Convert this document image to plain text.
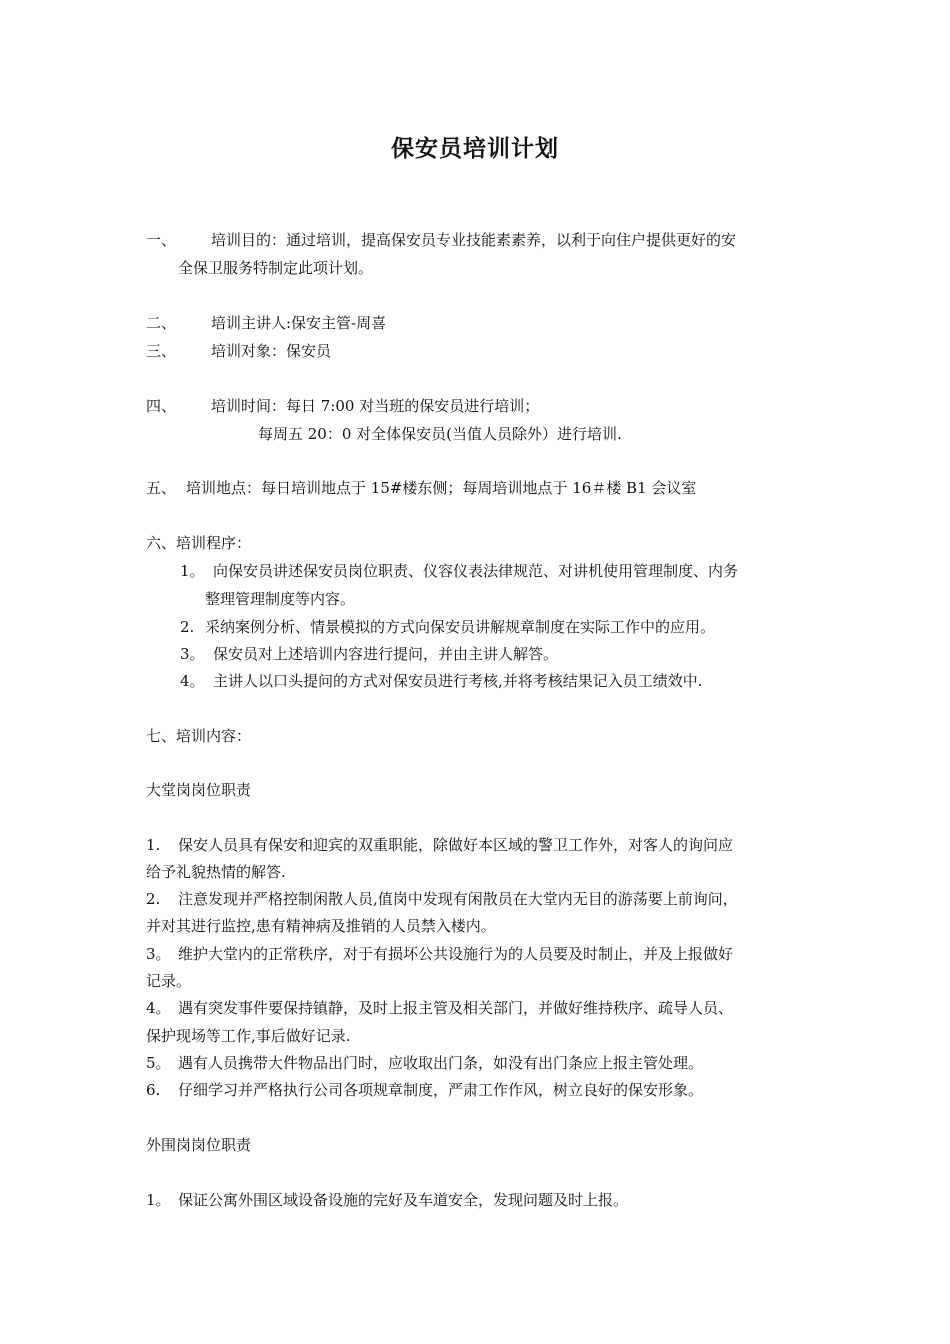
保安员培训计划
一、 培训目的：通过培训，提高保安员专业技能素素养，以利于向住户提供更好的安
全保卫服务特制定此项计划。
二、 培训主讲人:保安主管-周喜
三、 培训对象：保安员
四、 培训时间：每日 7:00 对当班的保安员进行培训；
每周五 20：0 对全体保安员(当值人员除外）进行培训.
五、 培训地点：每日培训地点于 15#楼东侧；每周培训地点于 16＃楼 B1 会议室
六、培训程序：
1。 向保安员讲述保安员岗位职责、仪容仪表法律规范、对讲机使用管理制度、内务
整理管理制度等内容。
2. 采纳案例分析、情景模拟的方式向保安员讲解规章制度在实际工作中的应用。
3。 保安员对上述培训内容进行提问，并由主讲人解答。
4。 主讲人以口头提问的方式对保安员进行考核,并将考核结果记入员工绩效中.
七、培训内容：
大堂岗岗位职责
1. 保安人员具有保安和迎宾的双重职能，除做好本区域的警卫工作外，对客人的询问应
给予礼貌热情的解答.
2. 注意发现并严格控制闲散人员,值岗中发现有闲散员在大堂内无目的游荡要上前询问，
并对其进行监控,患有精神病及推销的人员禁入楼内。
3。 维护大堂内的正常秩序，对于有损坏公共设施行为的人员要及时制止，并及上报做好
记录。
4。 遇有突发事件要保持镇静，及时上报主管及相关部门，并做好维持秩序、疏导人员、
保护现场等工作,事后做好记录.
5。 遇有人员携带大件物品出门时，应收取出门条，如没有出门条应上报主管处理。
6. 仔细学习并严格执行公司各项规章制度，严肃工作作风，树立良好的保安形象。
外围岗岗位职责
1。 保证公寓外围区域设备设施的完好及车道安全，发现问题及时上报。
